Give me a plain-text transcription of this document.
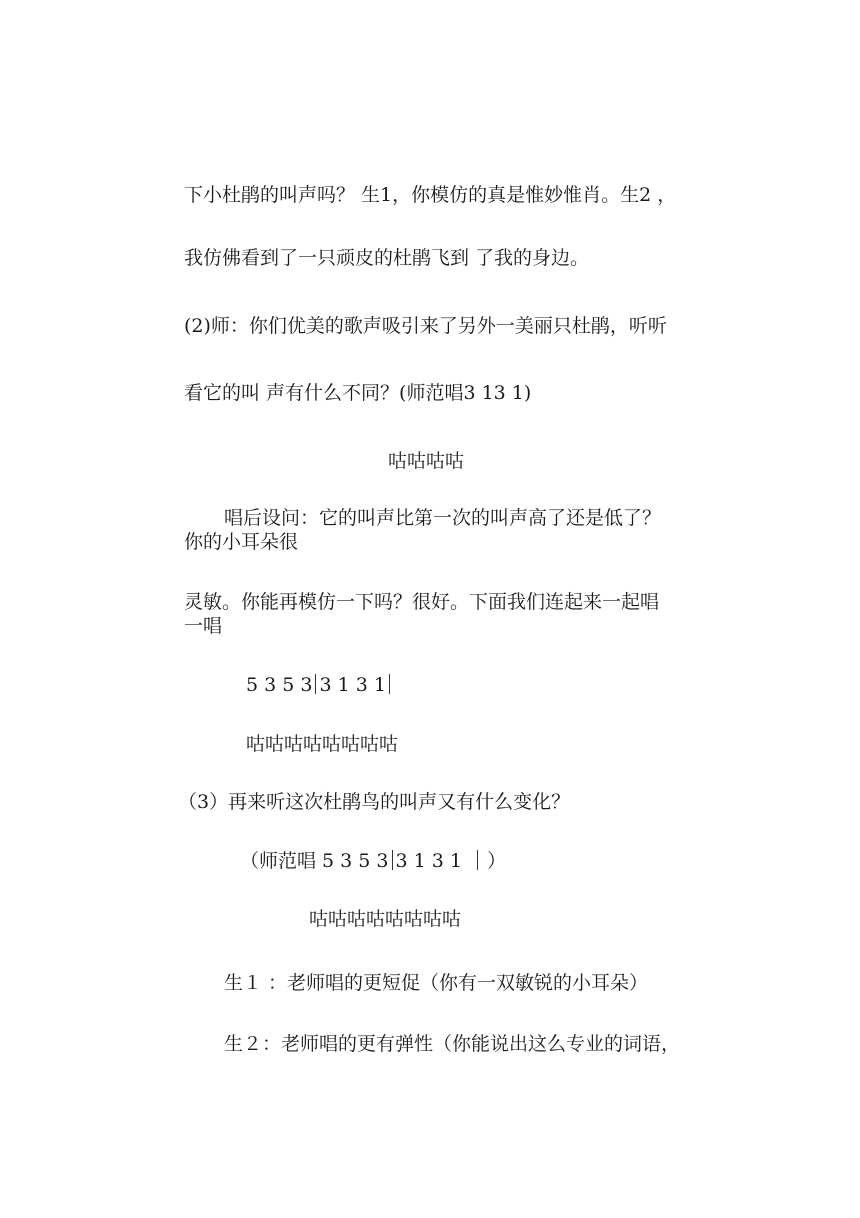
下小杜鹃的叫声吗？ 生1，你模仿的真是惟妙惟肖。生2 ，
我仿佛看到了一只顽皮的杜鹃飞到 了我的身边。
(2)师：你们优美的歌声吸引来了另外一美丽只杜鹃，听听
看它的叫 声有什么不同？(师范唱3 13 1)
咕咕咕咕
唱后设问：它的叫声比第一次的叫声高了还是低了？
你的小耳朵很
灵敏。你能再模仿一下吗？很好。下面我们连起来一起唱
一唱
5 3 5 3 3 1 3 1
咕咕咕咕咕咕咕咕
（3）再来听这次杜鹃鸟的叫声又有什么变化？
（师范唱 5 3 5 3 3 1 3 1 ）
咕咕咕咕咕咕咕咕
生１ ：老师唱的更短促（你有一双敏锐的小耳朵）
生２：老师唱的更有弹性（你能说出这么专业的词语，
